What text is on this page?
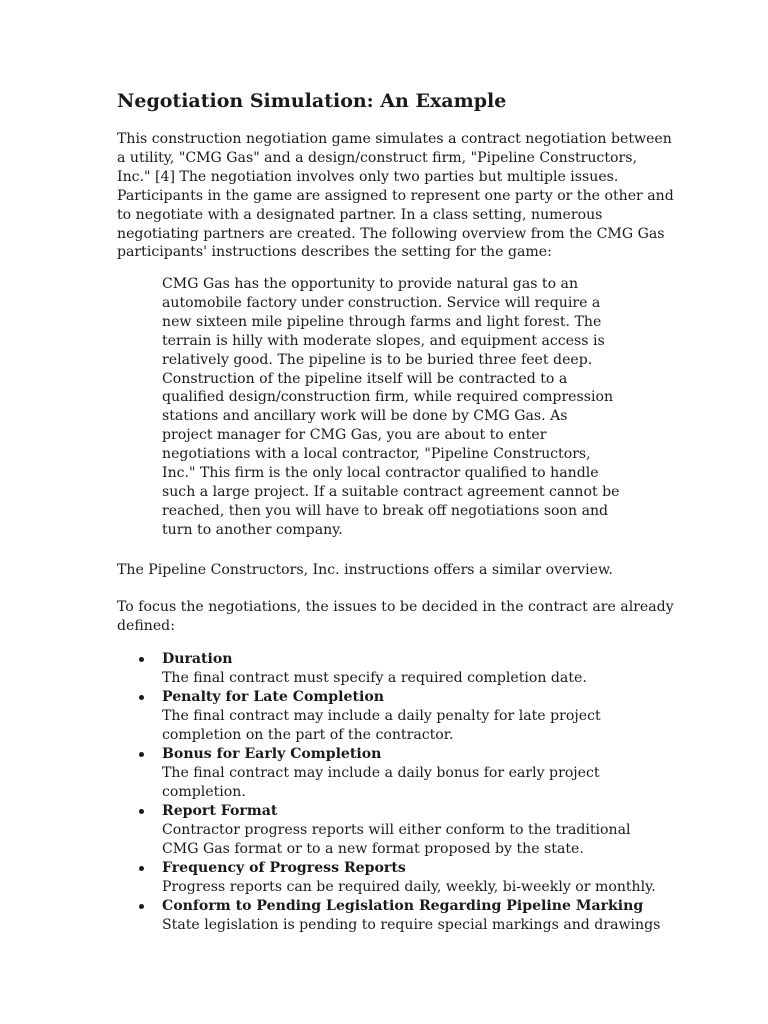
Negotiation Simulation: An Example

This construction negotiation game simulates a contract negotiation between
a utility, "CMG Gas" and a design/construct firm, "Pipeline Constructors,
Inc." [4] The negotiation involves only two parties but multiple issues.
Participants in the game are assigned to represent one party or the other and
to negotiate with a designated partner. In a class setting, numerous
negotiating partners are created. The following overview from the CMG Gas
participants' instructions describes the setting for the game:

CMG Gas has the opportunity to provide natural gas to an
automobile factory under construction. Service will require a
new sixteen mile pipeline through farms and light forest. The
terrain is hilly with moderate slopes, and equipment access is
relatively good. The pipeline is to be buried three feet deep.
Construction of the pipeline itself will be contracted to a
qualified design/construction firm, while required compression
stations and ancillary work will be done by CMG Gas. As
project manager for CMG Gas, you are about to enter
negotiations with a local contractor, "Pipeline Constructors,
Inc." This firm is the only local contractor qualified to handle
such a large project. If a suitable contract agreement cannot be
reached, then you will have to break off negotiations soon and
turn to another company.

The Pipeline Constructors, Inc. instructions offers a similar overview.

To focus the negotiations, the issues to be decided in the contract are already
defined:

Duration
The final contract must specify a required completion date.
Penalty for Late Completion
The final contract may include a daily penalty for late project
completion on the part of the contractor.
Bonus for Early Completion
The final contract may include a daily bonus for early project
completion.
Report Format
Contractor progress reports will either conform to the traditional
CMG Gas format or to a new format proposed by the state.
Frequency of Progress Reports
Progress reports can be required daily, weekly, bi-weekly or monthly.
Conform to Pending Legislation Regarding Pipeline Marking
State legislation is pending to require special markings and drawings
